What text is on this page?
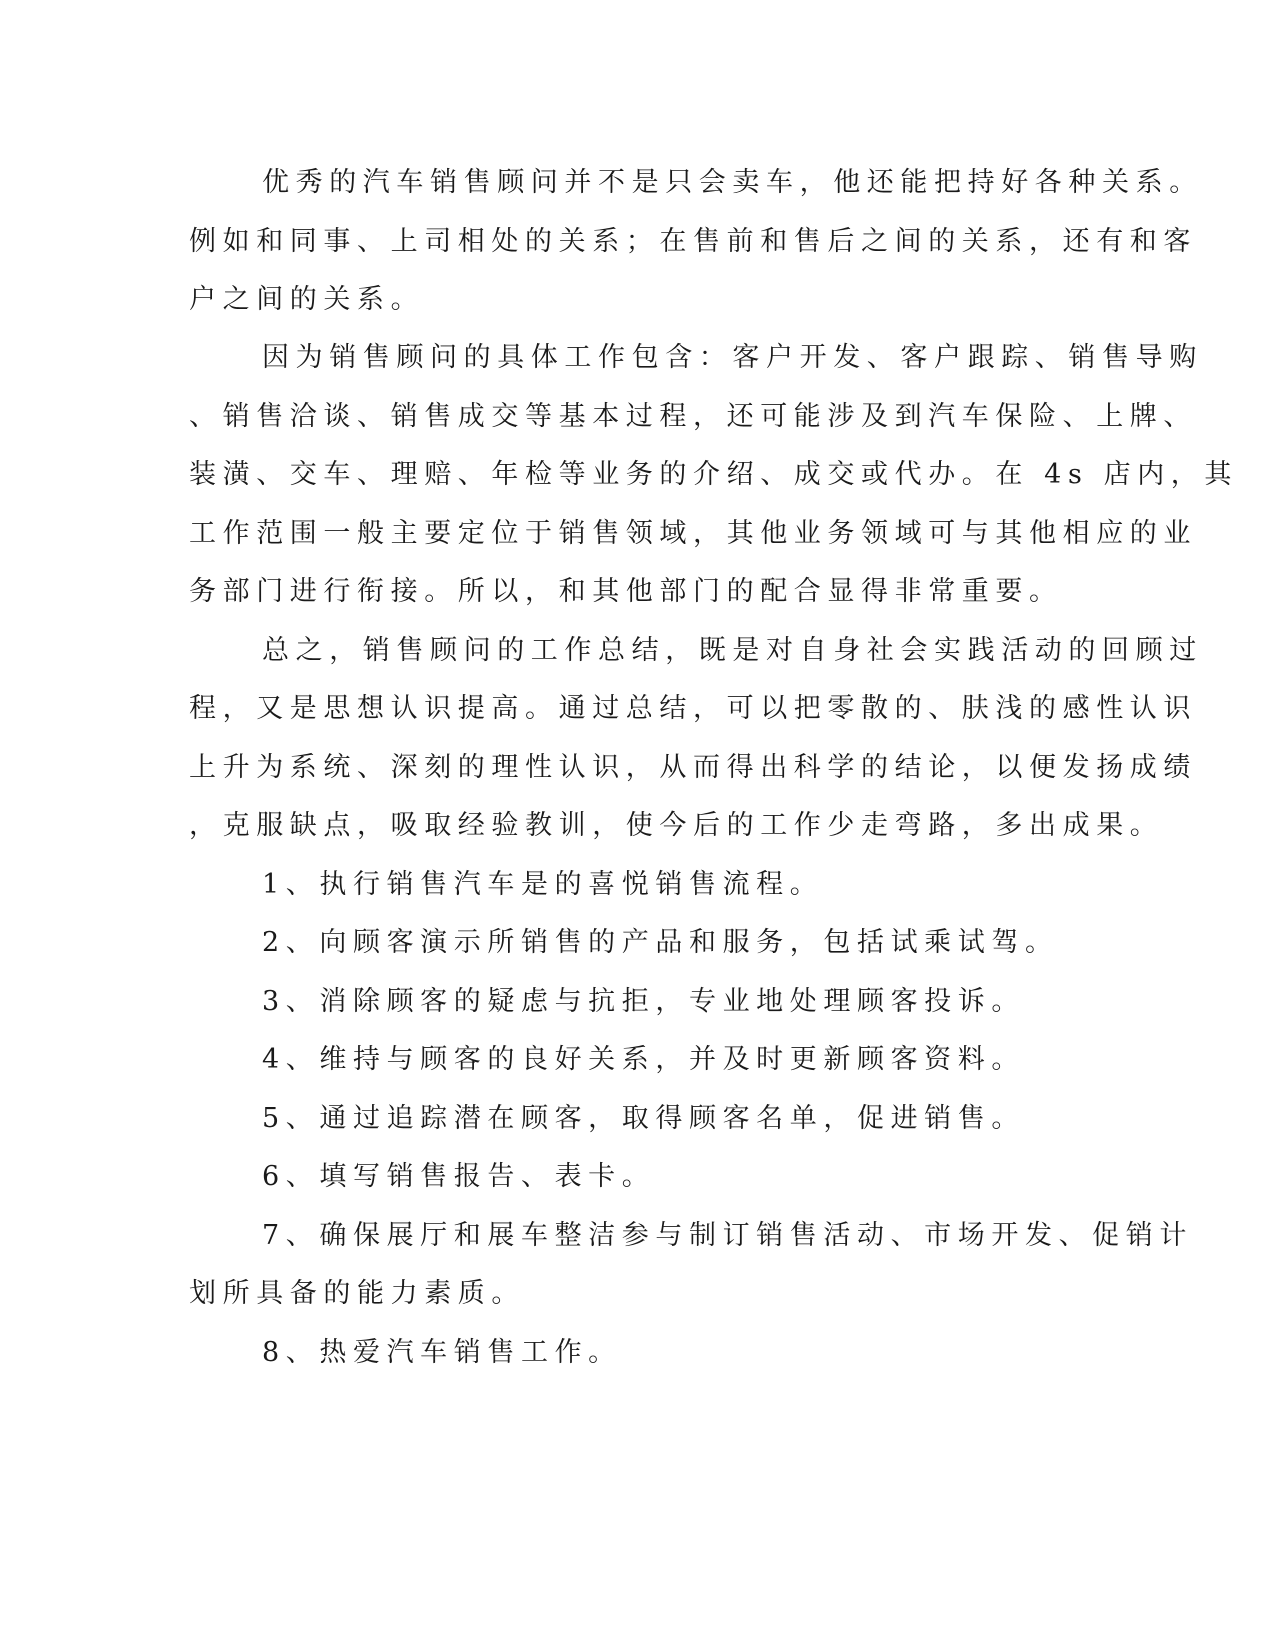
优秀的汽车销售顾问并不是只会卖车，他还能把持好各种关系。
例如和同事、上司相处的关系；在售前和售后之间的关系，还有和客
户之间的关系。
因为销售顾问的具体工作包含：客户开发、客户跟踪、销售导购
、销售洽谈、销售成交等基本过程，还可能涉及到汽车保险、上牌、
装潢、交车、理赔、年检等业务的介绍、成交或代办。在 4s 店内，其
工作范围一般主要定位于销售领域，其他业务领域可与其他相应的业
务部门进行衔接。所以，和其他部门的配合显得非常重要。
总之，销售顾问的工作总结，既是对自身社会实践活动的回顾过
程，又是思想认识提高。通过总结，可以把零散的、肤浅的感性认识
上升为系统、深刻的理性认识，从而得出科学的结论，以便发扬成绩
，克服缺点，吸取经验教训，使今后的工作少走弯路，多出成果。
1、执行销售汽车是的喜悦销售流程。
2、向顾客演示所销售的产品和服务，包括试乘试驾。
3、消除顾客的疑虑与抗拒，专业地处理顾客投诉。
4、维持与顾客的良好关系，并及时更新顾客资料。
5、通过追踪潜在顾客，取得顾客名单，促进销售。
6、填写销售报告、表卡。
7、确保展厅和展车整洁参与制订销售活动、市场开发、促销计
划所具备的能力素质。
8、热爱汽车销售工作。
